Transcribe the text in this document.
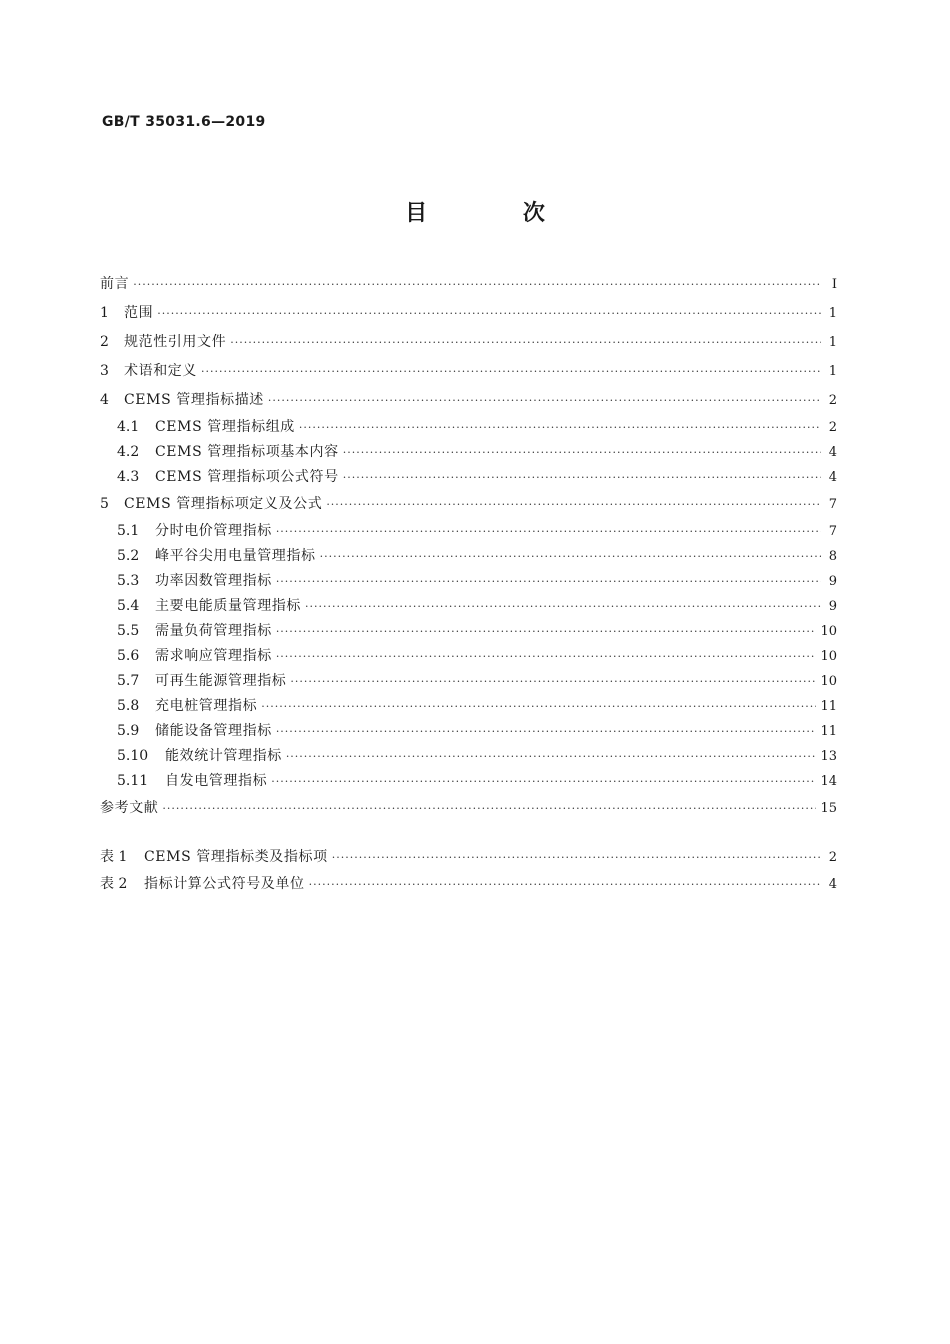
GB/T 35031.6—2019
目 次
前言 ·····	Ⅰ
1	范围 ·····	1
2	规范性引用文件 ·····	1
3	术语和定义 ·····	1
4	CEMS 管理指标描述 ·····	2
4.1	CEMS 管理指标组成 ·····	2
4.2	CEMS 管理指标项基本内容 ·····	4
4.3	CEMS 管理指标项公式符号 ·····	4
5	CEMS 管理指标项定义及公式 ·····	7
5.1	分时电价管理指标 ·····	7
5.2	峰平谷尖用电量管理指标 ·····	8
5.3	功率因数管理指标 ·····	9
5.4	主要电能质量管理指标 ·····	9
5.5	需量负荷管理指标 ·····	10
5.6	需求响应管理指标 ·····	10
5.7	可再生能源管理指标 ·····	10
5.8	充电桩管理指标 ·····	11
5.9	储能设备管理指标 ·····	11
5.10	能效统计管理指标 ·····	13
5.11	自发电管理指标 ·····	14
参考文献 ·····	15
表 1	CEMS 管理指标类及指标项 ·····	2
表 2	指标计算公式符号及单位 ·····	4
